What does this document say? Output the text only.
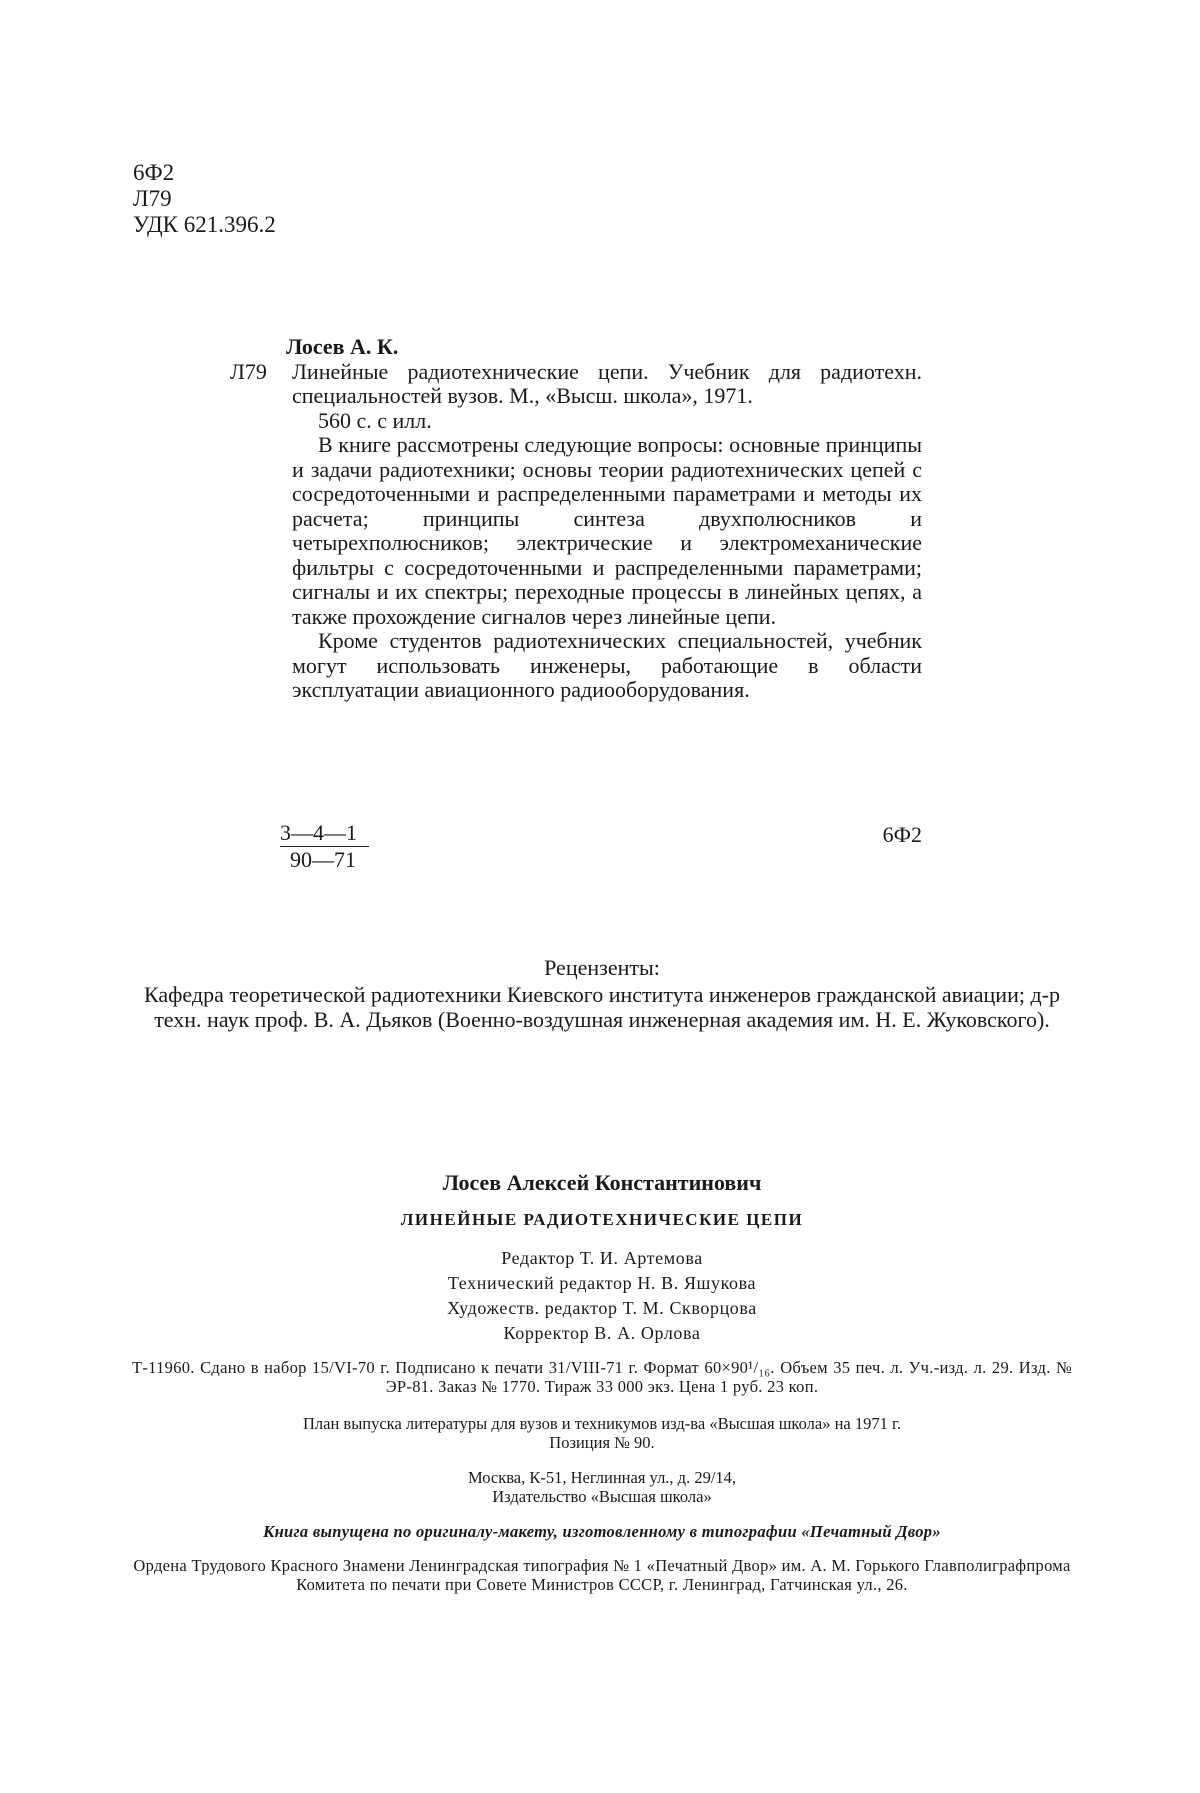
6Ф2
Л79
УДК 621.396.2
Лосев А. К.
Л79	Линейные радиотехнические цепи. Учебник для радиотехн. специальностей вузов. М., «Высш. школа», 1971.
560 с. с илл.

В книге рассмотрены следующие вопросы: основные принципы и задачи радиотехники; основы теории радиотехнических цепей с сосредоточенными и распределенными параметрами и методы их расчета; принципы синтеза двухполюсников и четырехполюсников; электрические и электромеханические фильтры с сосредоточенными и распределенными параметрами; сигналы и их спектры; переходные процессы в линейных цепях, а также прохождение сигналов через линейные цепи.

Кроме студентов радиотехнических специальностей, учебник могут использовать инженеры, работающие в области эксплуатации авиационного радиооборудования.

$\frac{3—4—1}{90—71}$	6Ф2
Рецензенты:
Кафедра теоретической радиотехники Киевского института инженеров гражданской авиации; д-р техн. наук проф. В. А. Дьяков (Военно-воздушная инженерная академия им. Н. Е. Жуковского).
Лосев Алексей Константинович
ЛИНЕЙНЫЕ РАДИОТЕХНИЧЕСКИЕ ЦЕПИ
Редактор Т. И. Артемова
Технический редактор Н. В. Яшукова
Художеств. редактор Т. М. Скворцова
Корректор В. А. Орлова
Т-11960. Сдано в набор 15/VI-70 г. Подписано к печати 31/VIII-71 г. Формат 60×90¹/₁₆. Объем 35 печ. л. Уч.-изд. л. 29. Изд. № ЭР-81. Заказ № 1770. Тираж 33 000 экз. Цена 1 руб. 23 коп.
План выпуска литературы для вузов и техникумов изд-ва «Высшая школа» на 1971 г.
Позиция № 90.
Москва, К-51, Неглинная ул., д. 29/14,
Издательство «Высшая школа»
Книга выпущена по оригиналу-макету, изготовленному в типографии «Печатный Двор»
Ордена Трудового Красного Знамени Ленинградская типография № 1 «Печатный Двор» им. А. М. Горького Главполиграфпрома Комитета по печати при Совете Министров СССР, г. Ленинград, Гатчинская ул., 26.
